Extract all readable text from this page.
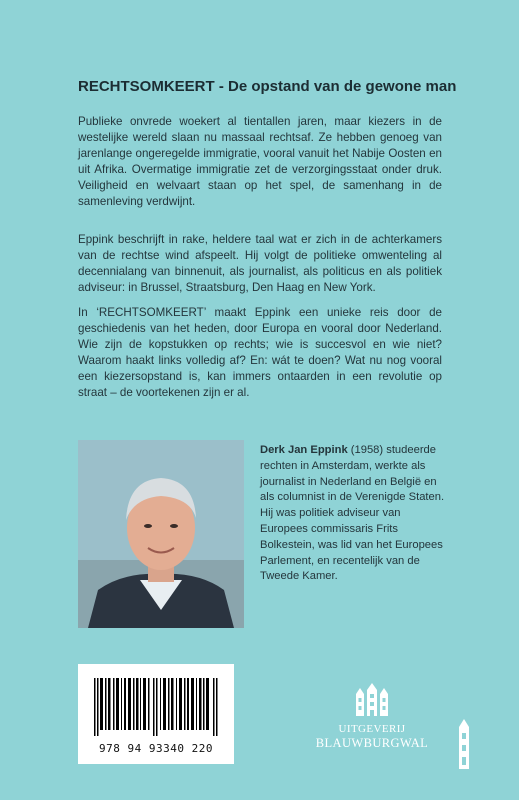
RECHTSOMKEERT - De opstand van de gewone man

Publieke onvrede woekert al tientallen jaren, maar kiezers in de westelijke wereld slaan nu massaal rechtsaf. Ze hebben genoeg van jarenlange ongeregelde immigratie, vooral vanuit het Nabije Oosten en uit Afrika. Overmatige immigratie zet de verzorgingsstaat onder druk. Veiligheid en welvaart staan op het spel, de samenhang in de samenleving verdwijnt.

Eppink beschrijft in rake, heldere taal wat er zich in de achterkamers van de rechtse wind afspeelt. Hij volgt de politieke omwenteling al decennialang van binnenuit, als journalist, als politicus en als politiek adviseur: in Brussel, Straatsburg, Den Haag en New York.

In ‘RECHTSOMKEERT’ maakt Eppink een unieke reis door de geschiedenis van het heden, door Europa en vooral door Nederland. Wie zijn de kopstukken op rechts; wie is succesvol en wie niet? Waarom haakt links volledig af? En: wát te doen? Wat nu nog vooral een kiezersopstand is, kan immers ontaarden in een revolutie op straat – de voortekenen zijn er al.

Derk Jan Eppink (1958) studeerde rechten in Amsterdam, werkte als journalist in Nederland en België en als columnist in de Verenigde Staten. Hij was politiek adviseur van Europees commissaris Frits Bolkestein, was lid van het Europees Parlement, en recentelijk van de Tweede Kamer.
978 94 93340 220
UITGEVERIJ
BLAUWBURGWAL
